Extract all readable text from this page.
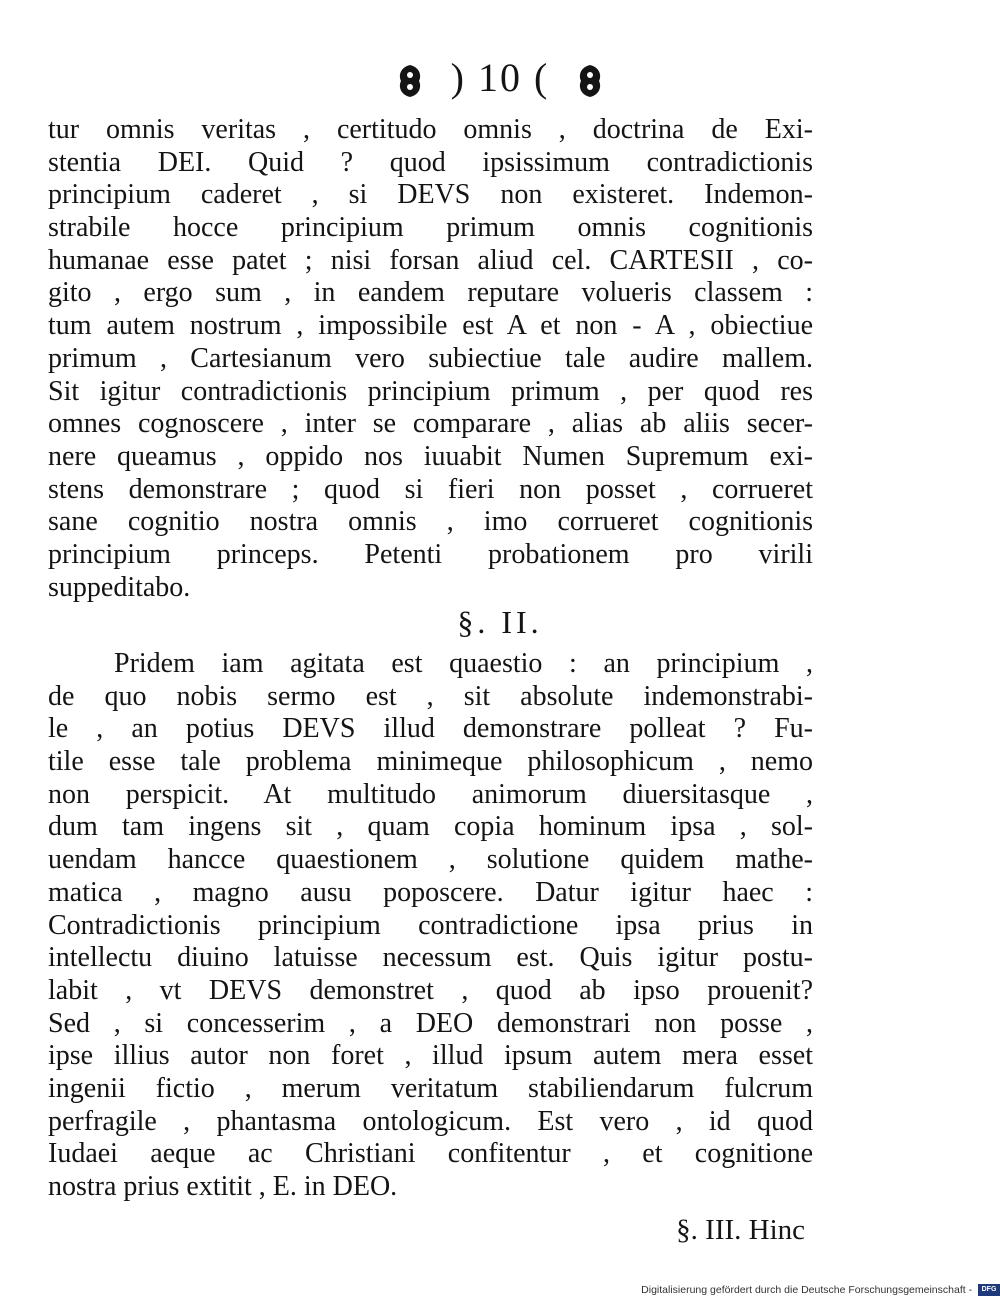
) 10 (
tur omnis veritas , certitudo omnis , doctrina de Exi-
stentia DEI. Quid ? quod ipsissimum contradictionis
principium caderet , si DEVS non existeret. Indemon-
strabile hocce principium primum omnis cognitionis
humanae esse patet ; nisi forsan aliud cel. CARTESII , co-
gito , ergo sum , in eandem reputare volueris classem :
tum autem nostrum , impossibile est A et non - A , obiectiue
primum , Cartesianum vero subiectiue tale audire mallem.
Sit igitur contradictionis principium primum , per quod res
omnes cognoscere , inter se comparare , alias ab aliis secer-
nere queamus , oppido nos iuuabit Numen Supremum exi-
stens demonstrare ; quod si fieri non posset , corrueret
sane cognitio nostra omnis , imo corrueret cognitionis
principium princeps. Petenti probationem pro virili
suppeditabo.
§. II.
Pridem iam agitata est quaestio : an principium ,
de quo nobis sermo est , sit absolute indemonstrabi-
le , an potius DEVS illud demonstrare polleat ? Fu-
tile esse tale problema minimeque philosophicum , nemo
non perspicit. At multitudo animorum diuersitasque ,
dum tam ingens sit , quam copia hominum ipsa , sol-
uendam hancce quaestionem , solutione quidem mathe-
matica , magno ausu poposcere. Datur igitur haec :
Contradictionis principium contradictione ipsa prius in
intellectu diuino latuisse necessum est. Quis igitur postu-
labit , vt DEVS demonstret , quod ab ipso prouenit?
Sed , si concesserim , a DEO demonstrari non posse ,
ipse illius autor non foret , illud ipsum autem mera esset
ingenii fictio , merum veritatum stabiliendarum fulcrum
perfragile , phantasma ontologicum. Est vero , id quod
Iudaei aeque ac Christiani confitentur , et cognitione
nostra prius extitit , E. in DEO.
§. III. Hinc
Digitalisierung gefördert durch die Deutsche Forschungsgemeinschaft - DFG
